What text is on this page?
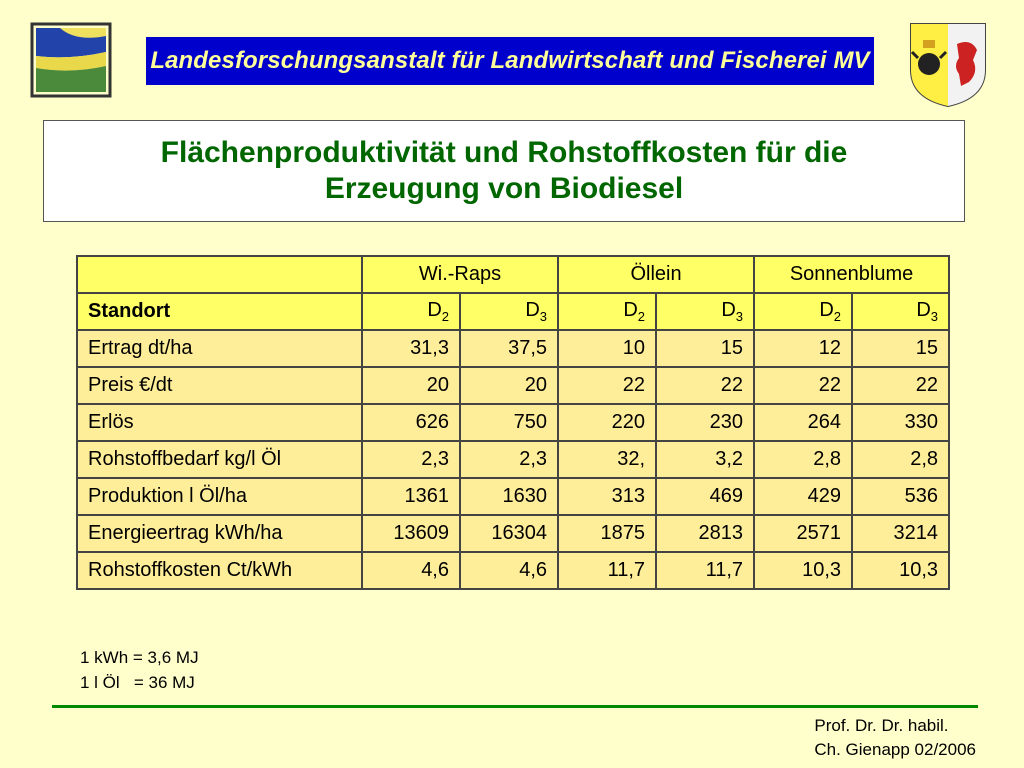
Landesforschungsanstalt für Landwirtschaft und Fischerei MV
Flächenproduktivität und Rohstoffkosten für die
Erzeugung von Biodiesel
	Wi.-Raps		Öllein		Sonnenblume	
Standort	$D_2$	$D_3$	$D_2$	$D_3$	$D_2$	$D_3$
Ertrag dt/ha	31,3	37,5	10	15	12	15
Preis €/dt	20	20	22	22	22	22
Erlös	626	750	220	230	264	330
Rohstoffbedarf kg/l Öl	2,3	2,3	32,	3,2	2,8	2,8
Produktion l Öl/ha	1361	1630	313	469	429	536
Energieertrag kWh/ha	13609	16304	1875	2813	2571	3214
Rohstoffkosten Ct/kWh	4,6	4,6	11,7	11,7	10,3	10,3
1 kWh = 3,6 MJ
1 l Öl   = 36 MJ
Prof. Dr. Dr. habil.
Ch. Gienapp 02/2006
